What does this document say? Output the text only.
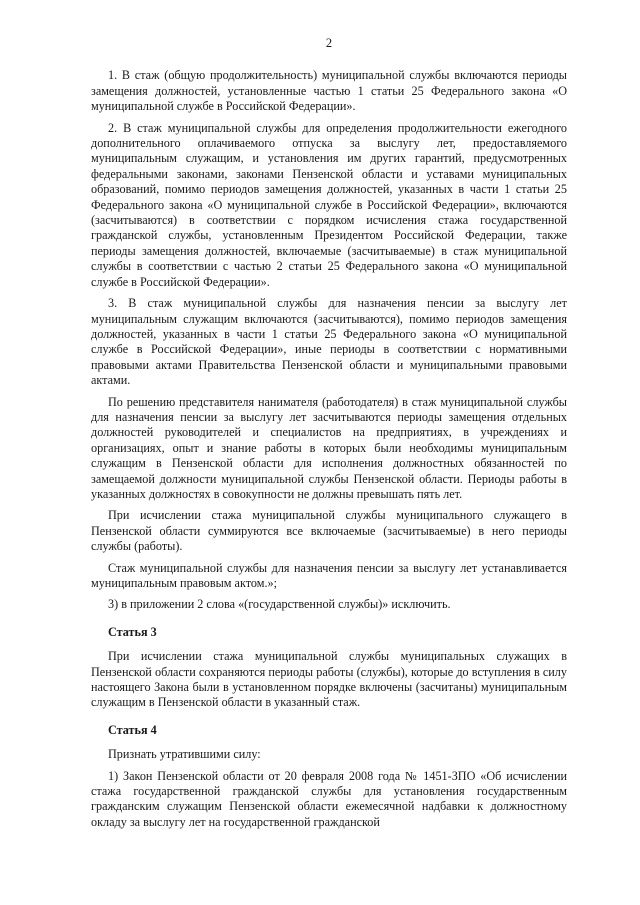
2

1. В стаж (общую продолжительность) муниципальной службы включаются периоды замещения должностей, установленные частью 1 статьи 25 Федерального закона «О муниципальной службе в Российской Федерации».

2. В стаж муниципальной службы для определения продолжительности ежегодного дополнительного оплачиваемого отпуска за выслугу лет, предоставляемого муниципальным служащим, и установления им других гарантий, предусмотренных федеральными законами, законами Пензенской области и уставами муниципальных образований, помимо периодов замещения должностей, указанных в части 1 статьи 25 Федерального закона «О муниципальной службе в Российской Федерации», включаются (засчитываются) в соответствии с порядком исчисления стажа государственной гражданской службы, установленным Президентом Российской Федерации, также периоды замещения должностей, включаемые (засчитываемые) в стаж муниципальной службы в соответствии с частью 2 статьи 25 Федерального закона «О муниципальной службе в Российской Федерации».

3. В стаж муниципальной службы для назначения пенсии за выслугу лет муниципальным служащим включаются (засчитываются), помимо периодов замещения должностей, указанных в части 1 статьи 25 Федерального закона «О муниципальной службе в Российской Федерации», иные периоды в соответствии с нормативными правовыми актами Правительства Пензенской области и муниципальными правовыми актами.

По решению представителя нанимателя (работодателя) в стаж муниципальной службы для назначения пенсии за выслугу лет засчитываются периоды замещения отдельных должностей руководителей и специалистов на предприятиях, в учреждениях и организациях, опыт и знание работы в которых были необходимы муниципальным служащим в Пензенской области для исполнения должностных обязанностей по замещаемой должности муниципальной службы Пензенской области. Периоды работы в указанных должностях в совокупности не должны превышать пять лет.

При исчислении стажа муниципальной службы муниципального служащего в Пензенской области суммируются все включаемые (засчитываемые) в него периоды службы (работы).

Стаж муниципальной службы для назначения пенсии за выслугу лет устанавливается муниципальным правовым актом.»;

3) в приложении 2 слова «(государственной службы)» исключить.

Статья 3

При исчислении стажа муниципальной службы муниципальных служащих в Пензенской области сохраняются периоды работы (службы), которые до вступления в силу настоящего Закона были в установленном порядке включены (засчитаны) муниципальным служащим в Пензенской области в указанный стаж.

Статья 4

Признать утратившими силу:

1) Закон Пензенской области от 20 февраля 2008 года № 1451-ЗПО «Об исчислении стажа государственной гражданской службы для установления государственным гражданским служащим Пензенской области ежемесячной надбавки к должностному окладу за выслугу лет на государственной гражданской
